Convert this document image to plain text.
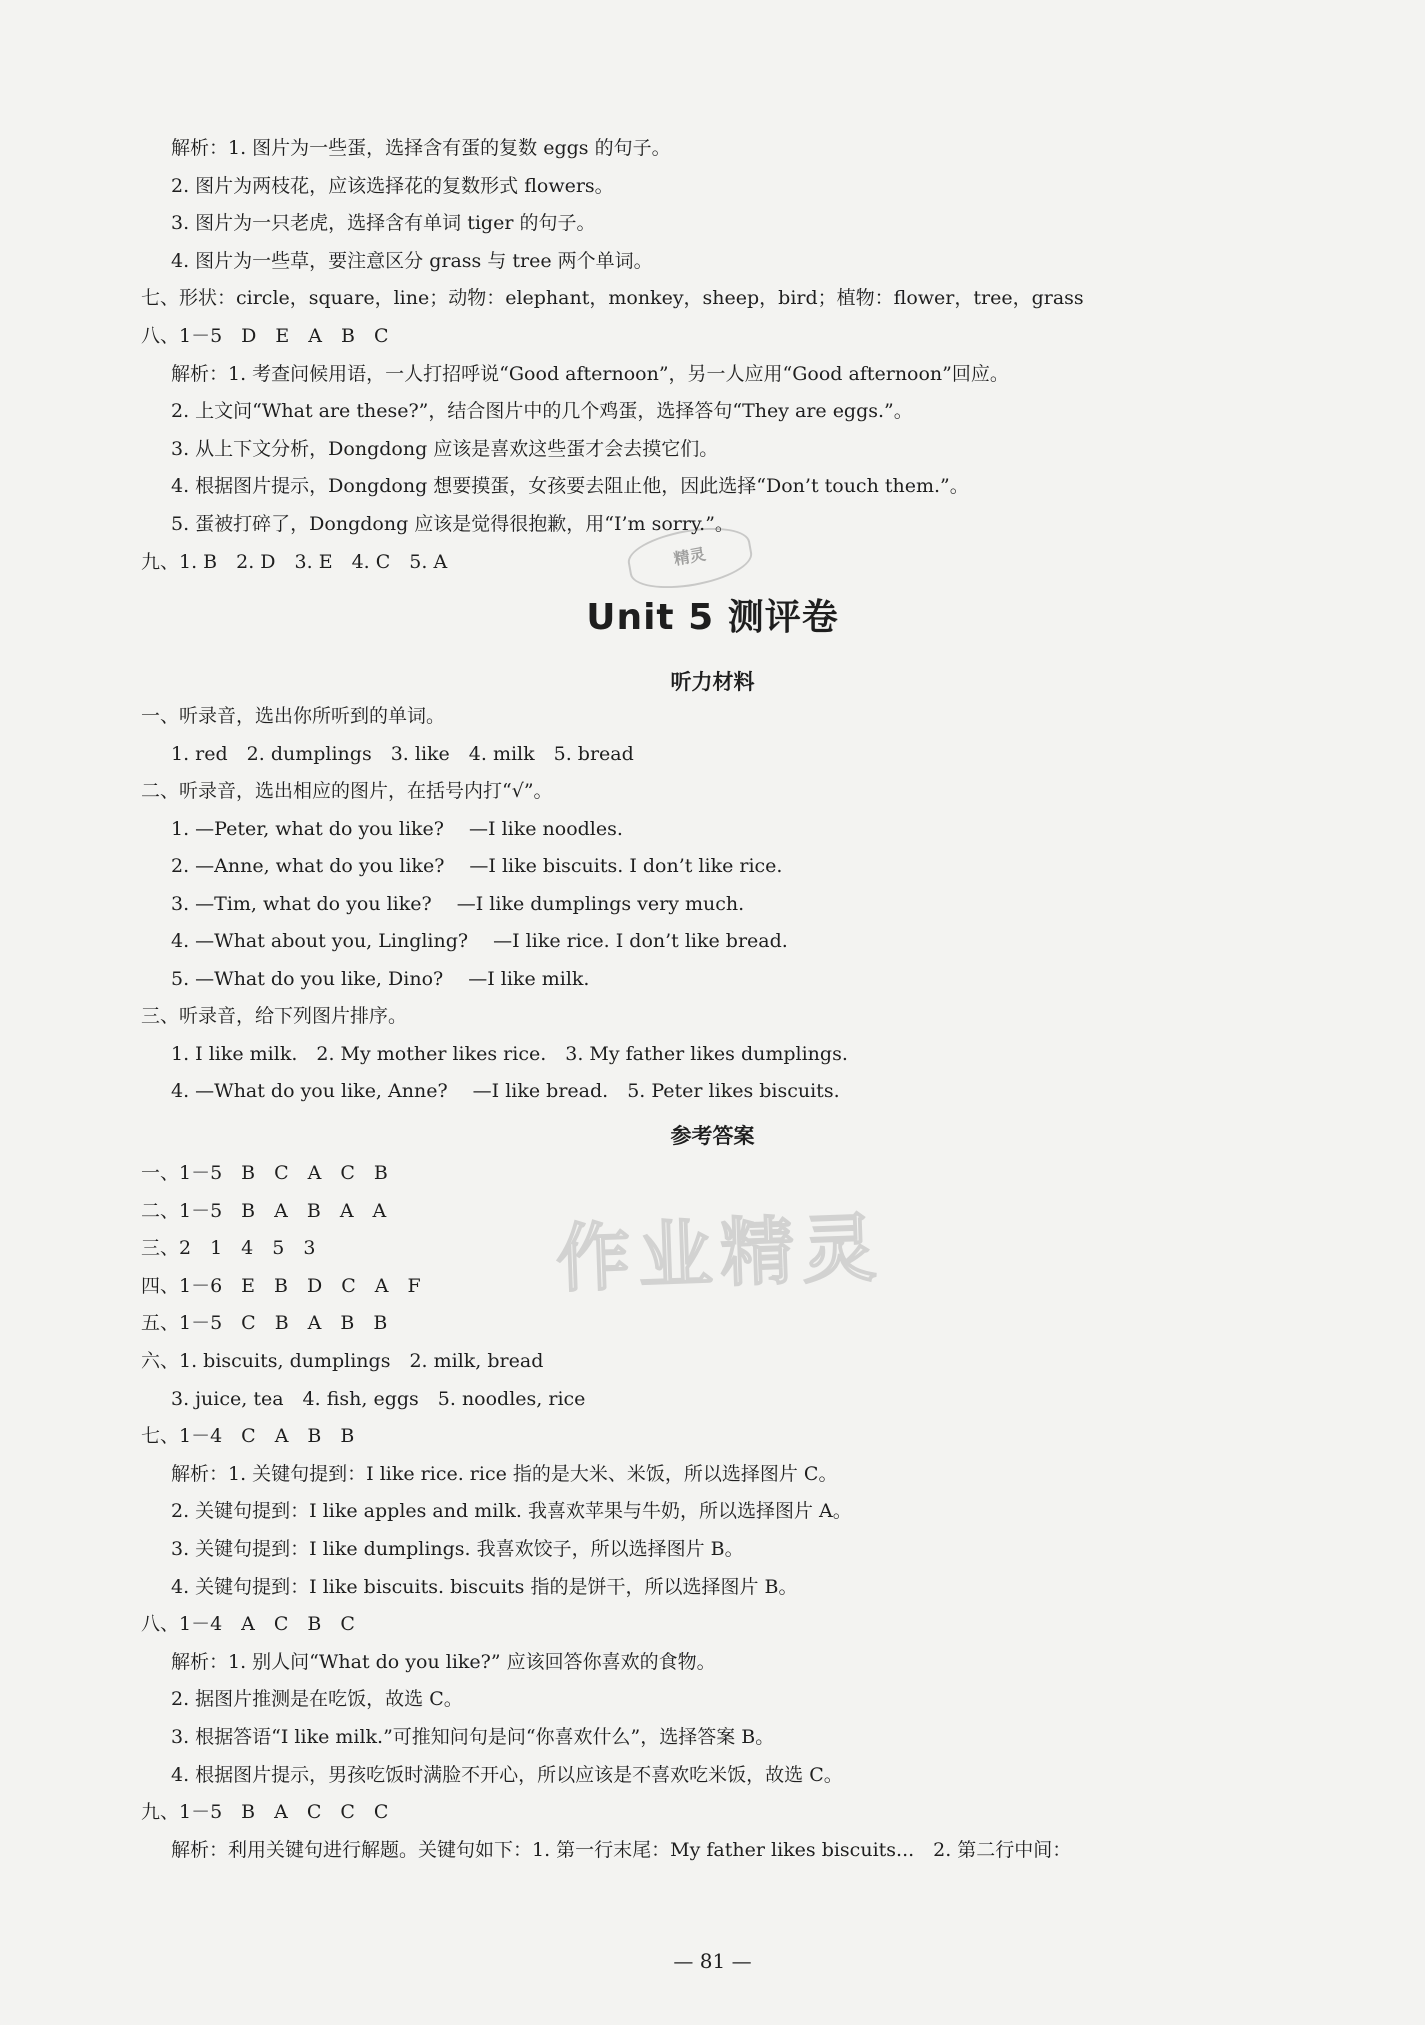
精灵
解析：1. 图片为一些蛋，选择含有蛋的复数 eggs 的句子。
2. 图片为两枝花，应该选择花的复数形式 flowers。
3. 图片为一只老虎，选择含有单词 tiger 的句子。
4. 图片为一些草，要注意区分 grass 与 tree 两个单词。
七、形状：circle，square，line；动物：elephant，monkey，sheep，bird；植物：flower，tree，grass
八、1－5　D　E　A　B　C
解析：1. 考查问候用语，一人打招呼说“Good afternoon”，另一人应用“Good afternoon”回应。
2. 上文问“What are these?”，结合图片中的几个鸡蛋，选择答句“They are eggs.”。
3. 从上下文分析，Dongdong 应该是喜欢这些蛋才会去摸它们。
4. 根据图片提示，Dongdong 想要摸蛋，女孩要去阻止他，因此选择“Don’t touch them.”。
5. 蛋被打碎了，Dongdong 应该是觉得很抱歉，用“I’m sorry.”。
九、1. B　2. D　3. E　4. C　5. A
Unit 5 测评卷
听力材料
一、听录音，选出你所听到的单词。
1. red　2. dumplings　3. like　4. milk　5. bread
二、听录音，选出相应的图片，在括号内打“√”。
1. —Peter, what do you like?　 —I like noodles.
2. —Anne, what do you like?　 —I like biscuits. I don’t like rice.
3. —Tim, what do you like?　 —I like dumplings very much.
4. —What about you, Lingling?　 —I like rice. I don’t like bread.
5. —What do you like, Dino?　 —I like milk.
三、听录音，给下列图片排序。
1. I like milk.　2. My mother likes rice.　3. My father likes dumplings.
4. —What do you like, Anne?　 —I like bread.　5. Peter likes biscuits.
参考答案
一、1－5　B　C　A　C　B
二、1－5　B　A　B　A　A
三、2　1　4　5　3
四、1－6　E　B　D　C　A　F
五、1－5　C　B　A　B　B
六、1. biscuits, dumplings　2. milk, bread
3. juice, tea　4. fish, eggs　5. noodles, rice
七、1－4　C　A　B　B
解析：1. 关键句提到：I like rice. rice 指的是大米、米饭，所以选择图片 C。
2. 关键句提到：I like apples and milk. 我喜欢苹果与牛奶，所以选择图片 A。
3. 关键句提到：I like dumplings. 我喜欢饺子，所以选择图片 B。
4. 关键句提到：I like biscuits. biscuits 指的是饼干，所以选择图片 B。
八、1－4　A　C　B　C
解析：1. 别人问“What do you like?” 应该回答你喜欢的食物。
2. 据图片推测是在吃饭，故选 C。
3. 根据答语“I like milk.”可推知问句是问“你喜欢什么”，选择答案 B。
4. 根据图片提示，男孩吃饭时满脸不开心，所以应该是不喜欢吃米饭，故选 C。
九、1－5　B　A　C　C　C
解析：利用关键句进行解题。关键句如下：1. 第一行末尾：My father likes biscuits...　2. 第二行中间：
作业精灵
— 81 —
